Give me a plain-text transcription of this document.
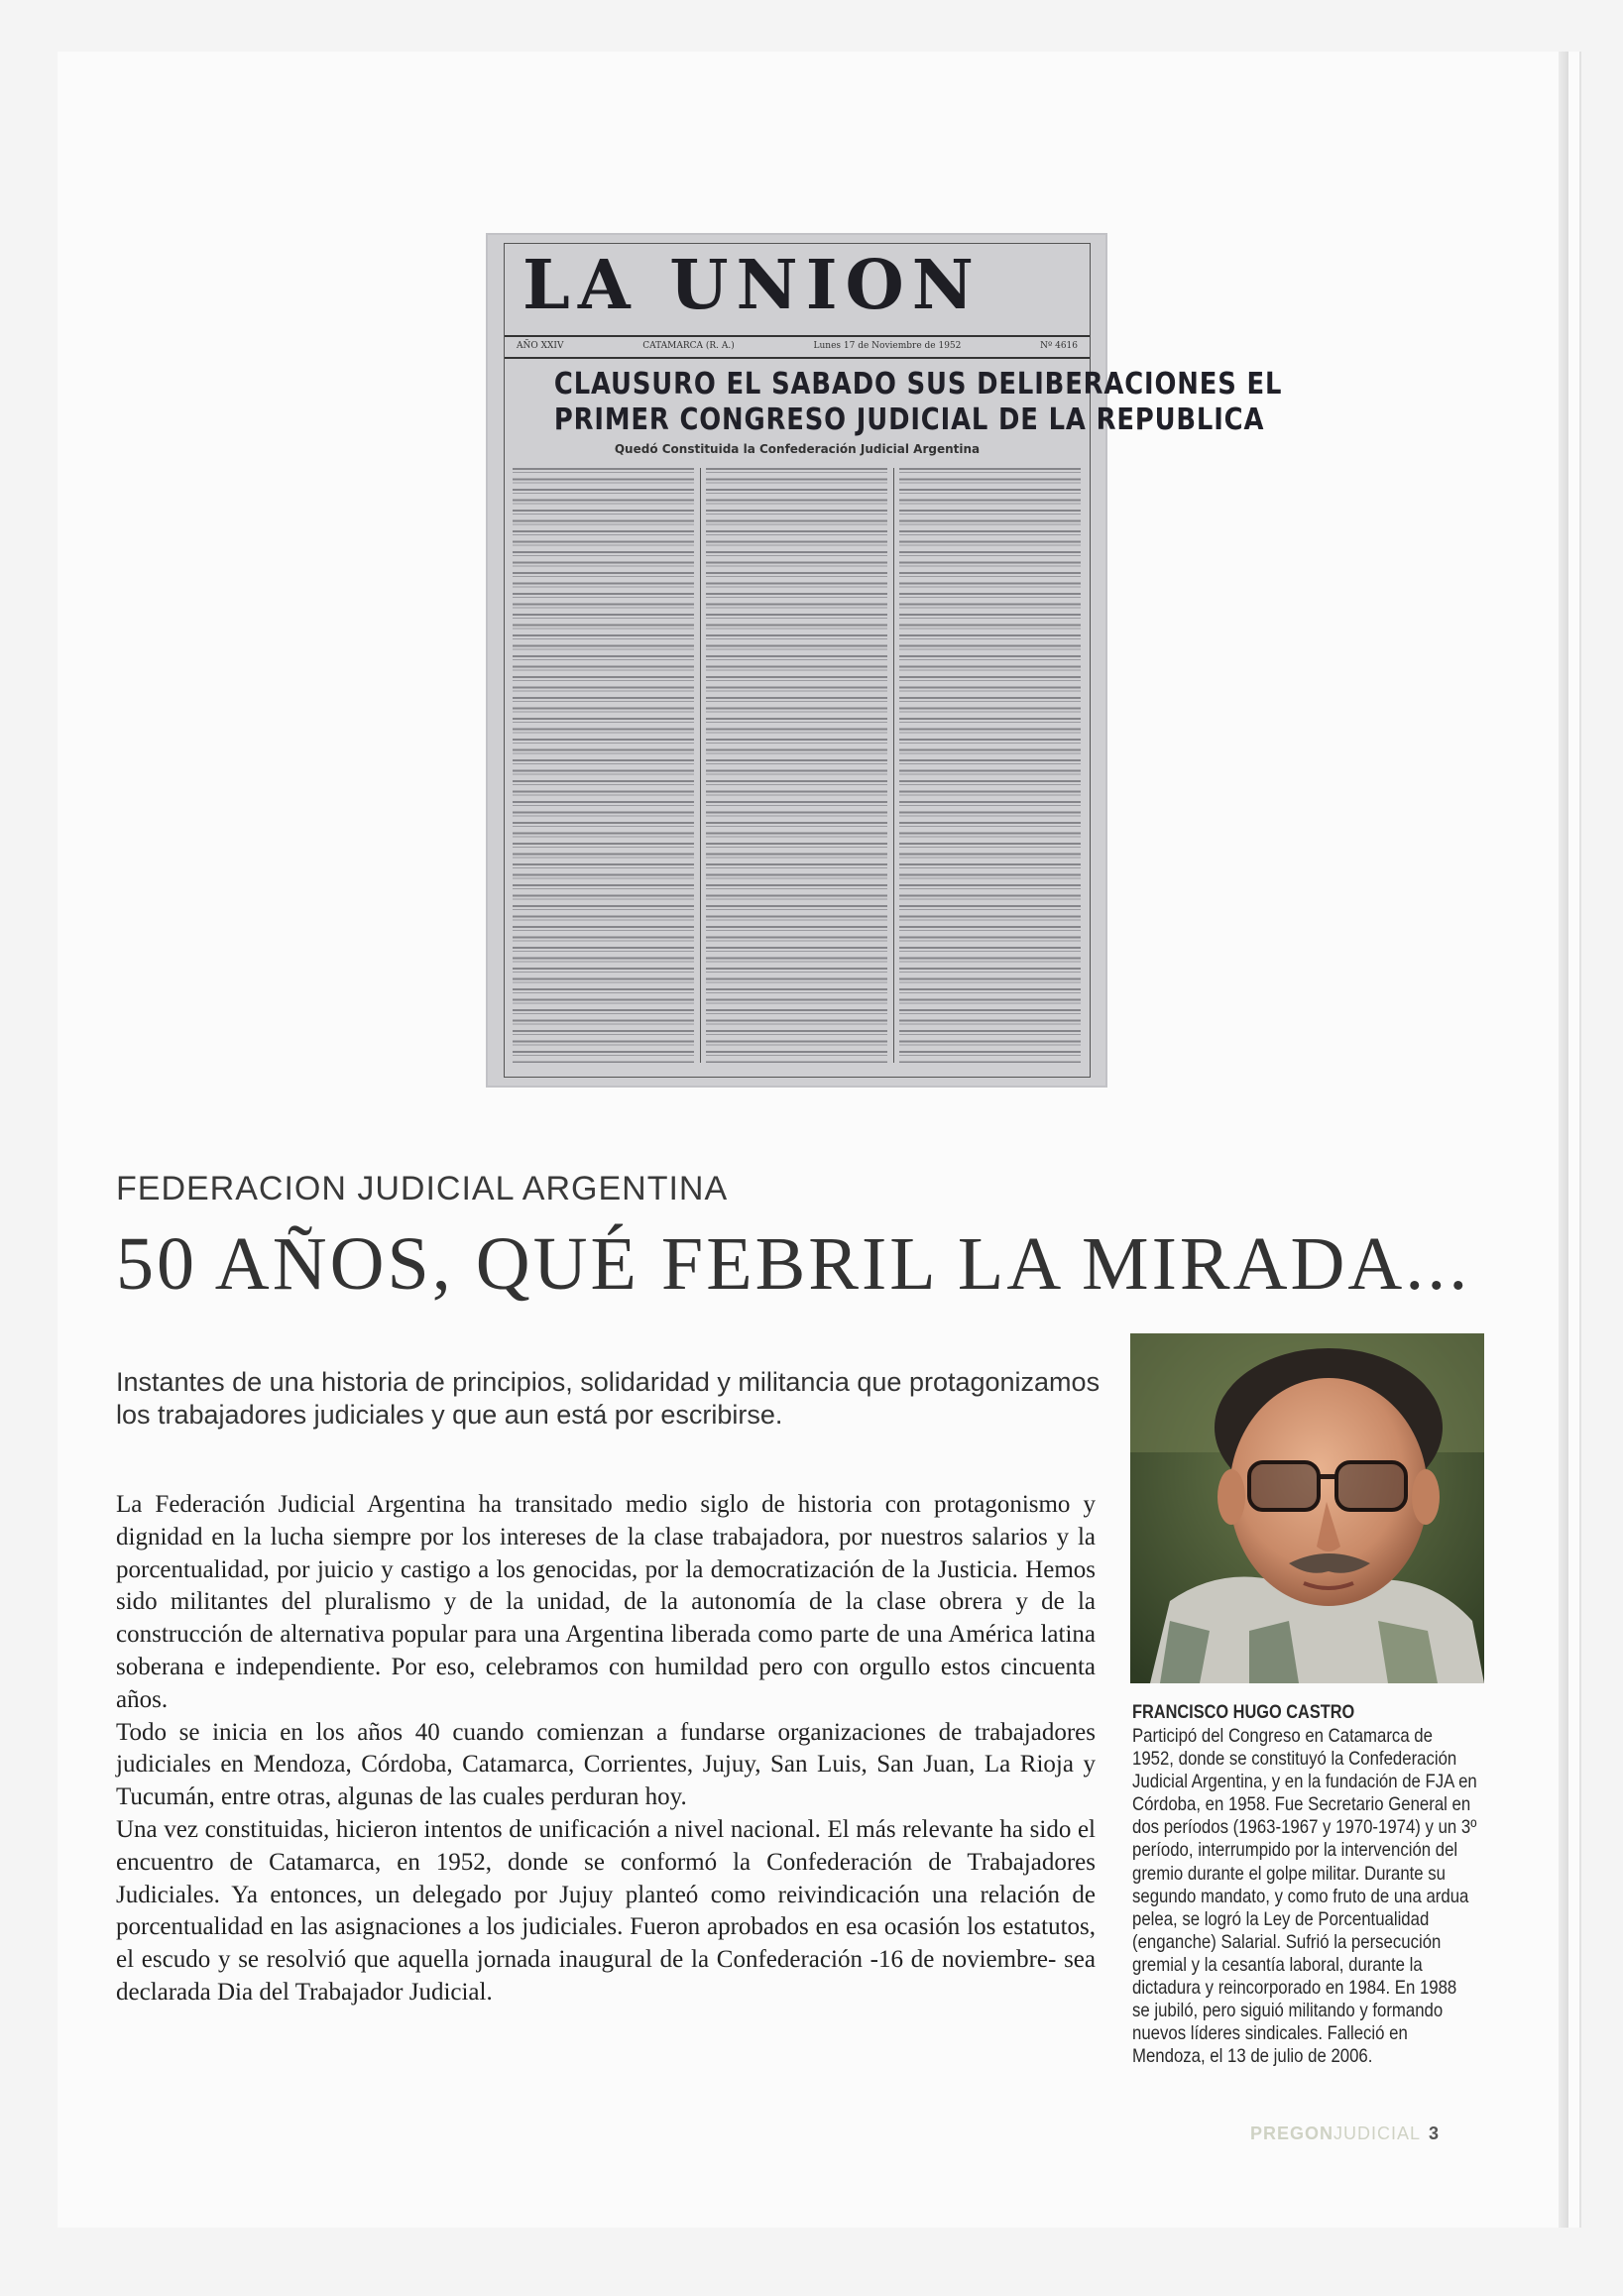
LA UNION
AÑO XXIV	CATAMARCA (R. A.)	Lunes 17 de Noviembre de 1952	Nº 4616
CLAUSURO EL SABADO SUS DELIBERACIONES EL
PRIMER CONGRESO JUDICIAL DE LA REPUBLICA
Quedó Constituida la Confederación Judicial Argentina
FEDERACION JUDICIAL ARGENTINA
50 AÑOS, QUÉ FEBRIL LA MIRADA...
Instantes de una historia de principios, solidaridad y militancia que protagonizamos los trabajadores judiciales y que aun está por escribirse.

La Federación Judicial Argentina ha transitado medio siglo de historia con protagonismo y dignidad en la lucha siempre por los intereses de la clase trabajadora, por nuestros salarios y la porcentualidad, por juicio y castigo a los genocidas, por la democratización de la Justicia. Hemos sido militantes del pluralismo y de la unidad, de la autonomía de la clase obrera y de la construcción de alternativa popular para una Argentina liberada como parte de una América latina soberana e independiente. Por eso, celebramos con humildad pero con orgullo estos cincuenta años.

Todo se inicia en los años 40 cuando comienzan a fundarse organizaciones de trabajadores judiciales en Mendoza, Córdoba, Catamarca, Corrientes, Jujuy, San Luis, San Juan, La Rioja y Tucumán, entre otras, algunas de las cuales perduran hoy.

Una vez constituidas, hicieron intentos de unificación a nivel nacional. El más relevante ha sido el encuentro de Catamarca, en 1952, donde se conformó la Confederación de Trabajadores Judiciales. Ya entonces, un delegado por Jujuy planteó como reivindicación una relación de porcentualidad en las asignaciones a los judiciales. Fueron aprobados en esa ocasión los estatutos, el escudo y se resolvió que aquella jornada inaugural de la Confederación -16 de noviembre- sea declarada Dia del Trabajador Judicial.

FRANCISCO HUGO CASTRO
Participó del Congreso en Catamarca de 1952, donde se constituyó la Confederación Judicial Argentina, y en la fundación de FJA en Córdoba, en 1958. Fue Secretario General en dos períodos (1963-1967 y 1970-1974) y un 3º período, interrumpido por la intervención del gremio durante el golpe militar. Durante su segundo mandato, y como fruto de una ardua pelea, se logró la Ley de Porcentualidad (enganche) Salarial. Sufrió la persecución gremial y la cesantía laboral, durante la dictadura y reincorporado en 1984. En 1988 se jubiló, pero siguió militando y formando nuevos líderes sindicales. Falleció en Mendoza, el 13 de julio de 2006.
PREGONJUDICIAL 3
